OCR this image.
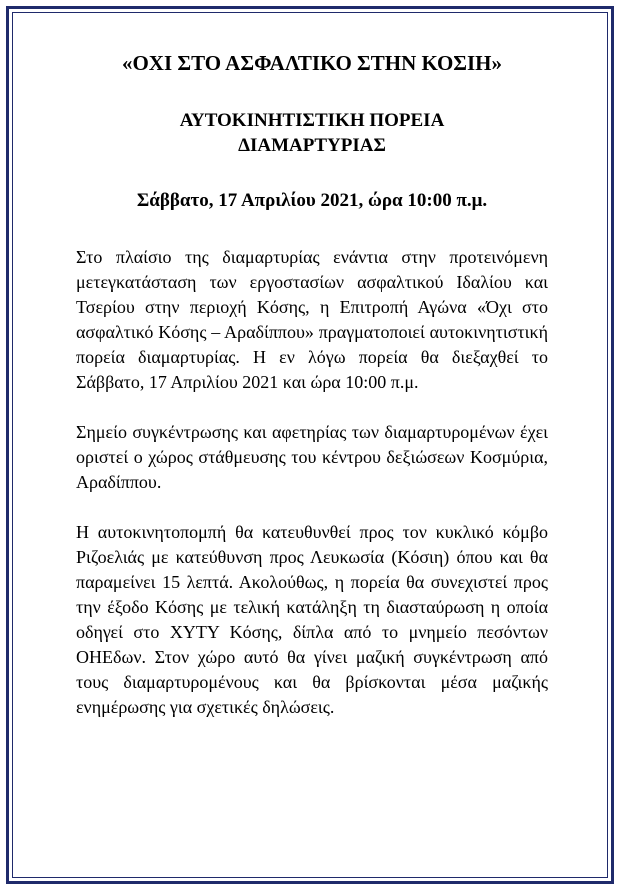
«ΟΧΙ ΣΤΟ ΑΣΦΑΛΤΙΚΟ ΣΤΗΝ ΚΟΣΙΗ»
ΑΥΤΟΚΙΝΗΤΙΣΤΙΚΗ ΠΟΡΕΙΑ
ΔΙΑΜΑΡΤΥΡΙΑΣ
Σάββατο, 17 Απριλίου 2021, ώρα 10:00 π.μ.

Στο πλαίσιο της διαμαρτυρίας ενάντια στην προτεινόμενη μετεγκατάσταση των εργοστασίων ασφαλτικού Ιδαλίου και Τσερίου στην περιοχή Κόσης, η Επιτροπή Αγώνα «Όχι στο ασφαλτικό Κόσης – Αραδίππου» πραγματοποιεί αυτοκινητιστική πορεία διαμαρτυρίας. Η εν λόγω πορεία θα διεξαχθεί το Σάββατο, 17 Απριλίου 2021 και ώρα 10:00 π.μ.

Σημείο συγκέντρωσης και αφετηρίας των διαμαρτυρομένων έχει οριστεί ο χώρος στάθμευσης του κέντρου δεξιώσεων Κοσμύρια, Αραδίππου.

Η αυτοκινητοπομπή θα κατευθυνθεί προς τον κυκλικό κόμβο Ριζοελιάς με κατεύθυνση προς Λευκωσία (Κόσιη) όπου και θα παραμείνει 15 λεπτά. Ακολούθως, η πορεία θα συνεχιστεί προς την έξοδο Κόσης με τελική κατάληξη τη διασταύρωση η οποία οδηγεί στο ΧΥΤΥ Κόσης, δίπλα από το μνημείο πεσόντων ΟΗΕδων. Στον χώρο αυτό θα γίνει μαζική συγκέντρωση από τους διαμαρτυρομένους και θα βρίσκονται μέσα μαζικής ενημέρωσης για σχετικές δηλώσεις.
